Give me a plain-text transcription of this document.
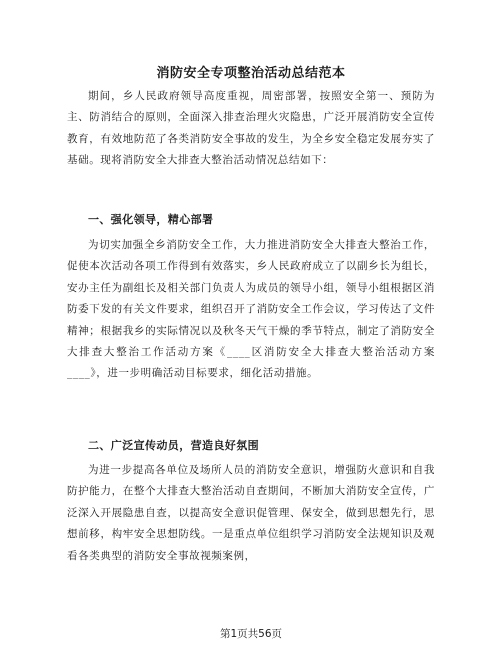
消防安全专项整治活动总结范本

期间，乡人民政府领导高度重视，周密部署，按照安全第一、预防为主、防消结合的原则，全面深入排查治理火灾隐患，广泛开展消防安全宣传教育，有效地防范了各类消防安全事故的发生，为全乡安全稳定发展夯实了基础。现将消防安全大排查大整治活动情况总结如下：

一、强化领导，精心部署

为切实加强全乡消防安全工作，大力推进消防安全大排查大整治工作，促使本次活动各项工作得到有效落实，乡人民政府成立了以副乡长为组长，安办主任为副组长及相关部门负责人为成员的领导小组，领导小组根据区消防委下发的有关文件要求，组织召开了消防安全工作会议，学习传达了文件精神；根据我乡的实际情况以及秋冬天气干燥的季节特点，制定了消防安全大排查大整治工作活动方案《____区消防安全大排查大整治活动方案____》，进一步明确活动目标要求，细化活动措施。

二、广泛宣传动员，营造良好氛围

为进一步提高各单位及场所人员的消防安全意识，增强防火意识和自我防护能力，在整个大排查大整治活动自查期间，不断加大消防安全宣传，广泛深入开展隐患自查，以提高安全意识促管理、保安全，做到思想先行，思想前移，构牢安全思想防线。一是重点单位组织学习消防安全法规知识及观看各类典型的消防安全事故视频案例，

第1页共56页
